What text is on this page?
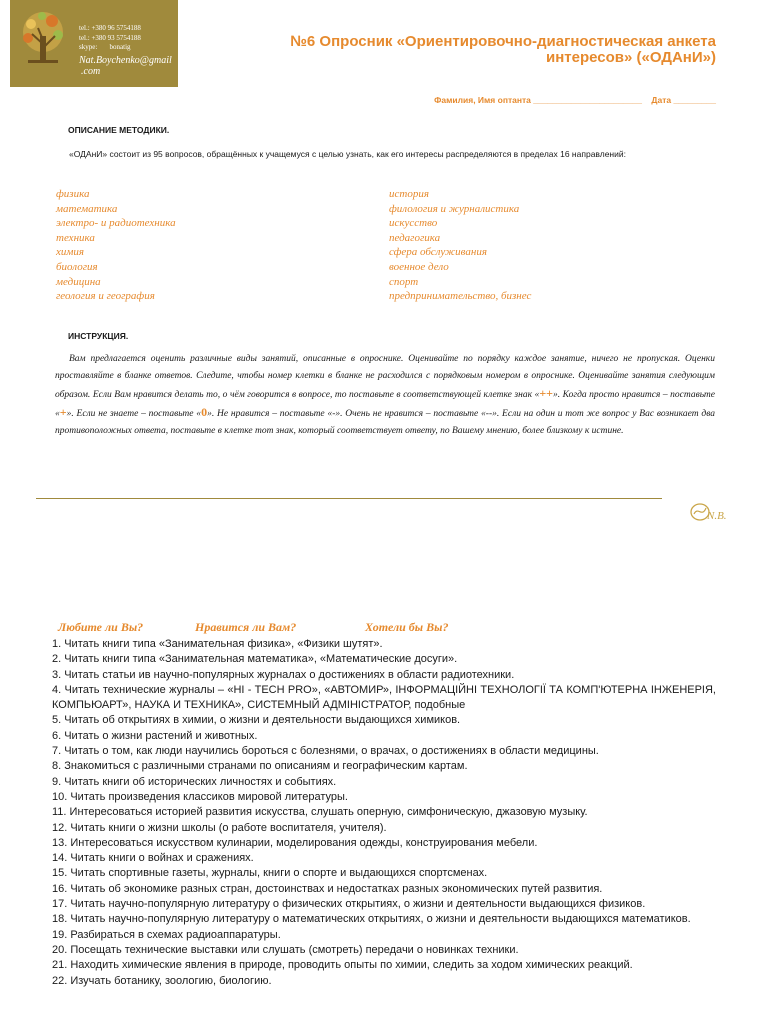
tel.: +380 96 5754188
tel.: +380 93 5754188
skype:       bonatig
Nat.Boychenko@gmail
.com
№6 Опросник «Ориентировочно-диагностическая анкета интересов» («ОДАнИ»)
Фамилия, Имя оптанта _______________________    Дата _________
ОПИСАНИЕ МЕТОДИКИ.
«ОДАнИ» состоит из 95 вопросов, обращённых к учащемуся с целью узнать, как его интересы распределяются в пределах 16 направлений:
физика
математика
электро- и радиотехника
техника
химия
биология
медицина
геология и география
история
филология и журналистика
искусство
педагогика
сфера обслуживания
военное дело
спорт
предпринимательство, бизнес
ИНСТРУКЦИЯ.
Вам предлагается оценить различные виды занятий, описанные в опроснике. Оценивайте по порядку каждое занятие, ничего не пропуская. Оценки проставляйте в бланке ответов. Следите, чтобы номер клетки в бланке не расходился с порядковым номером в опроснике. Оценивайте занятия следующим образом. Если Вам нравится делать то, о чём говорится в вопросе, то поставьте в соответствующей клетке знак «++». Когда просто нравится – поставьте «+». Если не знаете – поставьте «0». Не нравится – поставьте «-». Очень не нравится – поставьте «--». Если на один и тот же вопрос у Вас возникает два противоположных ответа, поставьте в клетке тот знак, который соответствует ответу, по Вашему мнению, более близкому к истине.
N.B.
Любите ли Вы?	Нравится ли Вам?	Хотели бы Вы?
1. Читать книги типа «Занимательная физика», «Физики шутят».
2. Читать книги типа «Занимательная математика», «Математические досуги».
3. Читать статьи ив научно-популярных журналах о достижениях в области радиотехники.
4. Читать технические журналы – «HI - TECH PRO», «АВТОМИР», ІНФОРМАЦІЙНІ ТЕХНОЛОГІЇ ТА КОМП'ЮТЕРНА ІНЖЕНЕРІЯ, КОМПЬЮАРТ», НАУКА И ТЕХНИКА», СИСТЕМНЫЙ АДМІНІСТРАТОР, подобные
5. Читать об открытиях в химии, о жизни и деятельности выдающихся химиков.
6. Читать о жизни растений и животных.
7. Читать о том, как люди научились бороться с болезнями, о врачах, о достижениях в области медицины.
8. Знакомиться с различными странами по описаниям и географическим картам.
9. Читать книги об исторических личностях и событиях.
10. Читать произведения классиков мировой литературы.
11. Интересоваться историей развития искусства, слушать оперную, симфоническую, джазовую музыку.
12. Читать книги о жизни школы (о работе воспитателя, учителя).
13. Интересоваться искусством кулинарии, моделирования одежды, конструирования мебели.
14. Читать книги о войнах и сражениях.
15. Читать спортивные газеты, журналы, книги о спорте и выдающихся спортсменах.
16. Читать об экономике разных стран, достоинствах и недостатках разных экономических путей развития.
17. Читать научно-популярную литературу о физических открытиях, о жизни и деятельности выдающихся физиков.
18. Читать научно-популярную литературу о математических открытиях, о жизни и деятельности выдающихся математиков.
19. Разбираться в схемах радиоаппаратуры.
20. Посещать технические выставки или слушать (смотреть) передачи о новинках техники.
21. Находить химические явления в природе, проводить опыты по химии, следить за ходом химических реакций.
22. Изучать ботанику, зоологию, биологию.
